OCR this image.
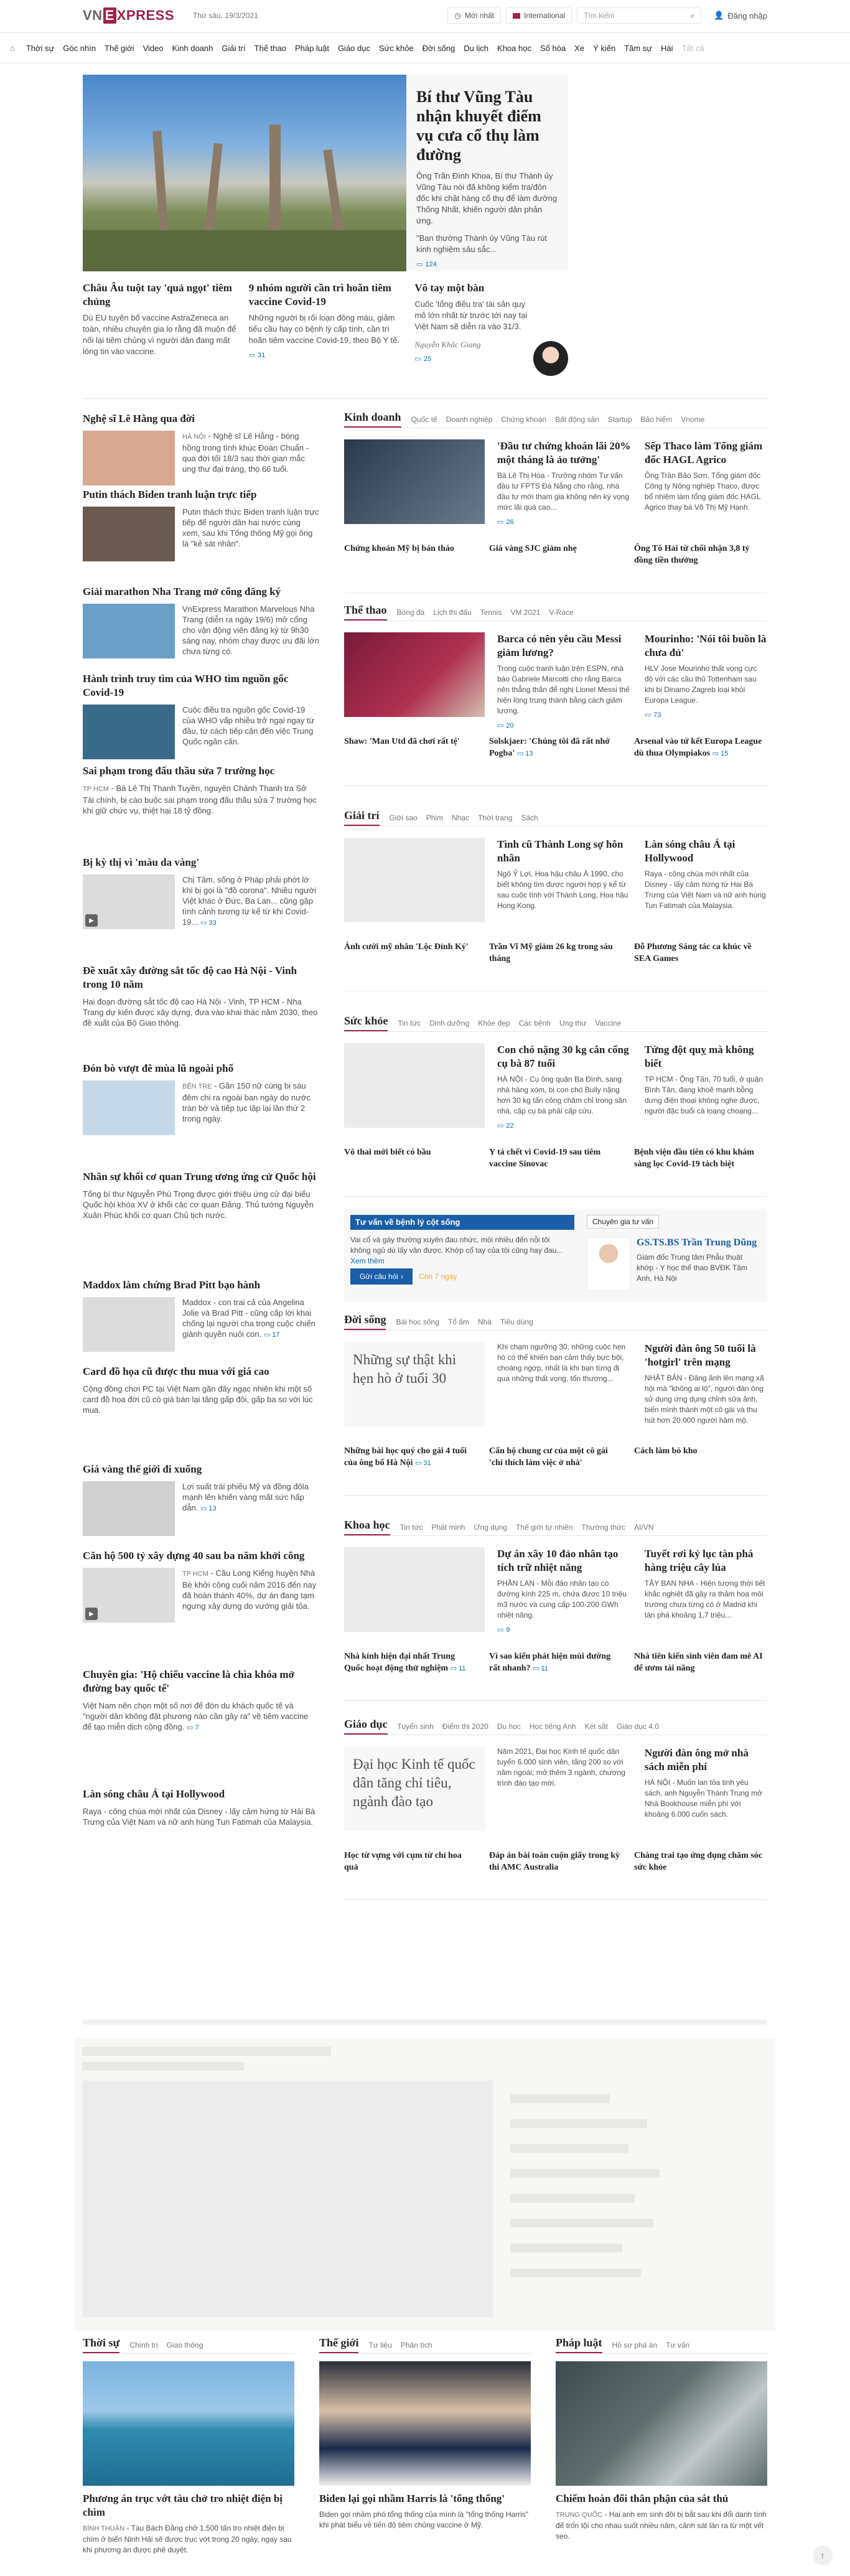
VN E XPRESS	Thứ sáu, 19/3/2021	◷ Mới nhất	International	Tìm kiếm	⌕ 👤 Đăng nhập
⌂ Thời sự Góc nhìn Thế giới Video Kinh doanh Giải trí Thể thao Pháp luật Giáo dục Sức khỏe Đời sống Du lịch Khoa học Số hóa Xe Ý kiến Tâm sự Hài Tất cả
Bí thư Vũng Tàu nhận khuyết điểm vụ cưa cổ thụ làm đường

Ông Trần Đình Khoa, Bí thư Thành ủy Vũng Tàu nói đã không kiểm tra/đôn đốc khi chặt hàng cổ thụ để làm đường Thống Nhất, khiến người dân phản ứng.

"Ban thường Thành ủy Vũng Tàu rút kinh nghiệm sâu sắc...

▭ 124
Châu Âu tuột tay 'quả ngọt' tiêm chủng

Dù EU tuyên bố vaccine AstraZeneca an toàn, nhiều chuyên gia lo rằng đã muộn để nối lại tiêm chủng vì người dân đang mất lòng tin vào vaccine.

9 nhóm người cần trì hoãn tiêm vaccine Covid-19

Những người bị rối loạn đông máu, giảm tiểu cầu hay có bệnh lý cấp tính, cần trì hoãn tiêm vaccine Covid-19, theo Bộ Y tế.

▭ 31
Vô tay một bàn

Cuốc 'tổng điều tra' tài sản quy mô lớn nhất từ trước tới nay tại Việt Nam sẽ diễn ra vào 31/3.

Nguyễn Khắc Giang
▭ 25
Nghệ sĩ Lê Hằng qua đời
HÀ NỘI - Nghệ sĩ Lê Hằng - bóng hồng trong tình khúc Đoàn Chuẩn - qua đời tối 18/3 sau thời gian mắc ung thư đại tràng, thọ 66 tuổi.
Putin thách Biden tranh luận trực tiếp
Putin thách thức Biden tranh luận trực tiếp để người dân hai nước cùng xem, sau khi Tổng thống Mỹ gọi ông là "kẻ sát nhân".
Giải marathon Nha Trang mở cổng đăng ký
VnExpress Marathon Marvelous Nha Trang (diễn ra ngày 19/6) mở cổng cho vận động viên đăng ký từ 9h30 sáng nay, nhóm chạy được ưu đãi lớn chưa từng có.
Hành trình truy tìm của WHO tìm nguồn gốc Covid-19
Cuộc điều tra nguồn gốc Covid-19 của WHO vấp nhiều trở ngại ngay từ đầu, từ cách tiếp cận đến việc Trung Quốc ngăn cản.
Sai phạm trong đấu thầu sửa 7 trường học
TP HCM - Bà Lê Thị Thanh Tuyền, nguyên Chánh Thanh tra Sở Tài chính, bị cáo buộc sai phạm trong đấu thầu sửa 7 trường học khi giữ chức vụ, thiệt hại 18 tỷ đồng.
Bị kỳ thị vì 'màu da vàng'
▶
Chị Tâm, sống ở Pháp phải phớt lờ khi bị gọi là "đồ corona". Nhiều người Việt khác ở Đức, Ba Lan... cũng gặp tình cảnh tương tự kể từ khi Covid-19... ▭ 33
Đề xuất xây đường sắt tốc độ cao Hà Nội - Vinh trong 10 năm
Hai đoạn đường sắt tốc độ cao Hà Nội - Vinh, TP HCM - Nha Trang dự kiến được xây dựng, đưa vào khai thác năm 2030, theo đề xuất của Bộ Giao thông.
Đón bò vượt đê mùa lũ ngoài phố
BẾN TRE - Gần 150 nữ cùng bị sáu đêm chi ra ngoài ban ngày do nước tràn bờ và tiếp tục lập lại lần thứ 2 trong ngày.
Nhân sự khối cơ quan Trung ương ứng cử Quốc hội
Tổng bí thư Nguyễn Phú Trọng được giới thiệu ứng cử đại biểu Quốc hội khóa XV ở khối các cơ quan Đảng. Thủ tướng Nguyễn Xuân Phúc khối cơ quan Chủ tịch nước.
Maddox làm chứng Brad Pitt bạo hành
Maddox - con trai cả của Angelina Jolie và Brad Pitt - cũng cấp lời khai chống lại người cha trong cuộc chiến giành quyền nuôi con. ▭ 17
Card đồ họa cũ được thu mua với giá cao
Cộng đồng chơi PC tại Việt Nam gần đây ngạc nhiên khi một số card đồ họa đời cũ có giá bán lại tăng gấp đôi, gấp ba so với lúc mua.
Giá vàng thế giới đi xuống
Lợi suất trái phiếu Mỹ và đồng đôla mạnh lên khiến vàng mất sức hấp dẫn. ▭ 13
Căn hộ 500 tỷ xây dựng 40 sau ba năm khởi công
▶
TP HCM - Cầu Long Kiểng huyện Nhà Bè khởi công cuối năm 2016 đến nay đã hoàn thành 40%, dự án đang tạm ngưng xây dựng do vướng giải tỏa.
Chuyên gia: 'Hộ chiếu vaccine là chìa khóa mở đường bay quốc tế'
Việt Nam nên chọn một số nơi để đón du khách quốc tế và "người dân không đặt phương nào cần gây ra" về tiêm vaccine để tạo miễn dịch cộng đồng. ▭ 7
Làn sóng châu Á tại Hollywood
Raya - công chúa mới nhất của Disney - lấy cảm hứng từ Hải Bà Trưng của Việt Nam và nữ anh hùng Tun Fatimah của Malaysia.
Kinh doanh Quốc tế Doanh nghiệp Chứng khoán Bất động sản Startup Bảo hiểm Vnome
'Đầu tư chứng khoán lãi 20% một tháng là ảo tưởng'

Bà Lê Thị Hòa - Trưởng nhóm Tư vấn đầu tư FPTS Đà Nẵng cho rằng, nhà đầu tư mới tham gia không nên kỳ vọng mức lãi quá cao...

▭ 26
Sếp Thaco làm Tổng giám đốc HAGL Agrico

Ông Trần Bảo Sơn, Tổng giám đốc Công ty Nông nghiệp Thaco, được bổ nhiệm làm tổng giám đốc HAGL Agrico thay bà Võ Thị Mỹ Hạnh.

Chứng khoán Mỹ bị bán tháo	Giá vàng SJC giảm nhẹ	Ông Tô Hải từ chối nhận 3,8 tỷ đồng tiền thưởng
Thể thao Bóng đá Lịch thi đấu Tennis VM 2021 V-Race
Barca có nên yêu cầu Messi giảm lương?

Trong cuộc tranh luận trên ESPN, nhà báo Gabriele Marcotti cho rằng Barca nên thẳng thắn để nghị Lionel Messi thế hiện lòng trung thành bằng cách giảm lương.

▭ 20
Mourinho: 'Nói tôi buồn là chưa đủ'

HLV Jose Mourinho thất vọng cực độ với các cầu thủ Tottenham sau khi bị Dinamo Zagreb loại khỏi Europa League.

▭ 73
Shaw: 'Man Utd đã chơi rất tệ'	Solskjaer: 'Chúng tôi đã rất nhớ Pogba' ▭ 13
Arsenal vào tứ kết Europa League dù thua Olympiakos ▭ 15
Giải trí Giới sao Phim Nhạc Thời trang Sách
Tình cũ Thành Long sợ hôn nhân

Ngô Ỷ Lợi, Hoa hậu châu Á 1990, cho biết không tìm được người hợp ý kể từ sau cuộc tình với Thành Long, Hoa hậu Hong Kong.

Làn sóng châu Á tại Hollywood

Raya - công chúa mới nhất của Disney - lấy cảm hứng từ Hai Bà Trưng của Việt Nam và nữ anh hùng Tun Fatimah của Malaysia.

Ảnh cưới mỹ nhân 'Lộc Đỉnh Ký'	Trần Vĩ Mỹ giảm 26 kg trong sáu tháng
Đỗ Phương Sáng tác ca khúc về SEA Games
Sức khỏe Tin tức Dinh dưỡng Khỏe đẹp Các bệnh Ung thư Vaccine
Con chó nặng 30 kg cắn cổng cụ bà 87 tuổi

HÀ NỘI - Cụ ông quận Ba Đình, sang nhà hàng xóm, bị con chó Bully nặng hơn 30 kg tấn công chăm chỉ trong sân nhà, cặp cụ bà phải cấp cứu.

▭ 22
Tứng đột quỵ mà không biết

TP HCM - Ông Tấn, 70 tuổi, ở quận Bình Tân, đang khoẻ mạnh bỗng dưng điện thoại không nghe được, người đặc buổi cà loạng choạng...

Vô thai mới biết có bầu	Y tá chết vì Covid-19 sau tiêm vaccine Sinovac
Bệnh viện đầu tiên có khu khám sàng lọc Covid-19 tách biệt
Tư vấn về bệnh lý cột sống

Vai cổ và gáy thường xuyên đau nhức, mỏi nhiều đến nỗi tôi không ngủ dù lấy vân được. Khớp cổ tay của tôi cũng hay đau... Xem thêm

Gửi câu hỏi › Còn 7 ngày
Chuyên gia tư vấn
GS.TS.BS Trần Trung Dũng
Giám đốc Trung tâm Phẫu thuật khớp - Y học thể thao BVĐK Tâm Anh, Hà Nội
Đời sống Bài học sống Tổ ấm Nhà Tiêu dùng
Những sự thật khi hẹn hò ở tuổi 30

Khi chạm ngưỡng 30, những cuộc hẹn hò có thể khiến bạn cảm thấy bực bội, choáng ngợp, nhất là khi bạn từng đi qua những thất vọng, tổn thương...

Người đàn ông 50 tuổi là 'hotgirl' trên mạng

NHẬT BẢN - Đăng ảnh lên mạng xã hội mà "không ai lộ", người đàn ông sử dụng ứng dụng chỉnh sửa ảnh, biến mình thành một cô gái và thu hút hơn 20.000 người hâm mộ.

Những bài học quý cho gái 4 tuổi của ông bố Hà Nội ▭ 31
Cấn hộ chung cư của một cô gái 'chỉ thích làm việc ở nhà'
Cách làm bò kho
Khoa học Tin tức Phát minh Ứng dụng Thế giới tự nhiên Thường thức AI/VN
Dự án xây 10 đảo nhân tạo tích trữ nhiệt năng

PHẦN LAN - Mỗi đảo nhân tạo có đường kính 225 m, chứa được 10 triệu m3 nước và cung cấp 100-200 GWh nhiệt năng.

▭ 9
Tuyết rơi kỷ lục tàn phá hàng triệu cây lúa

TÂY BAN NHA - Hiện tượng thời tiết khắc nghiệt đã gây ra thảm hoạ môi trường chưa từng có ở Madrid khi tàn phá khoảng 1,7 triệu...

Nhà kính hiện đại nhất Trung Quốc hoạt động thử nghiệm ▭ 11
Vì sao kiến phát hiện mùi đường rất nhanh? ▭ 11
Nhà tiên kiến sinh viên đam mê AI để ươm tài năng
Giáo dục Tuyển sinh Điểm thi 2020 Du học Học tiếng Anh Két sắt Giáo dục 4.0
Đại học Kinh tế quốc dân tăng chỉ tiêu, ngành đào tạo

Năm 2021, Đại học Kinh tế quốc dân tuyển 6.000 sinh viên, tăng 200 so với năm ngoái; mở thêm 3 ngành, chương trình đào tạo mới.

Người đàn ông mở nhà sách miễn phí

HÀ NỘI - Muốn lan tỏa tinh yêu sách, anh Nguyễn Thành Trung mở Nhà Bookhouse miễn phí với khoảng 6.000 cuốn sách.

Học từ vựng với cụm từ chỉ hoa quả
Đáp án bài toán cuộn giấy trong kỳ thi AMC Australia
Chàng trai tạo ứng dụng chăm sóc sức khỏe
Thời sự Chính trị Giao thông
Phương án trục vớt tàu chở tro nhiệt điện bị chìm

BÌNH THUẬN - Tàu Bách Đằng chở 1.500 tấn tro nhiệt điện bị chìm ở biển Ninh Hải sẽ được trục vớt trong 20 ngày, ngay sau khi phương án được phê duyệt.

Thế giới Tư liệu Phân tích
Biden lại gọi nhầm Harris là 'tổng thống'

Biden gọi nhầm phó tổng thống của mình là "tổng thống Harris" khi phát biểu về tiến độ tiêm chủng vaccine ở Mỹ.

Pháp luật Hồ sơ phá án Tư vấn
Chiếm hoàn đổi thân phận của sát thủ

TRUNG QUỐC - Hai anh em sinh đôi bị bắt sau khi đổi danh tính để trốn tội cho nhau suốt nhiều năm, cảnh sát lần ra từ một vết sẹo.

↑
